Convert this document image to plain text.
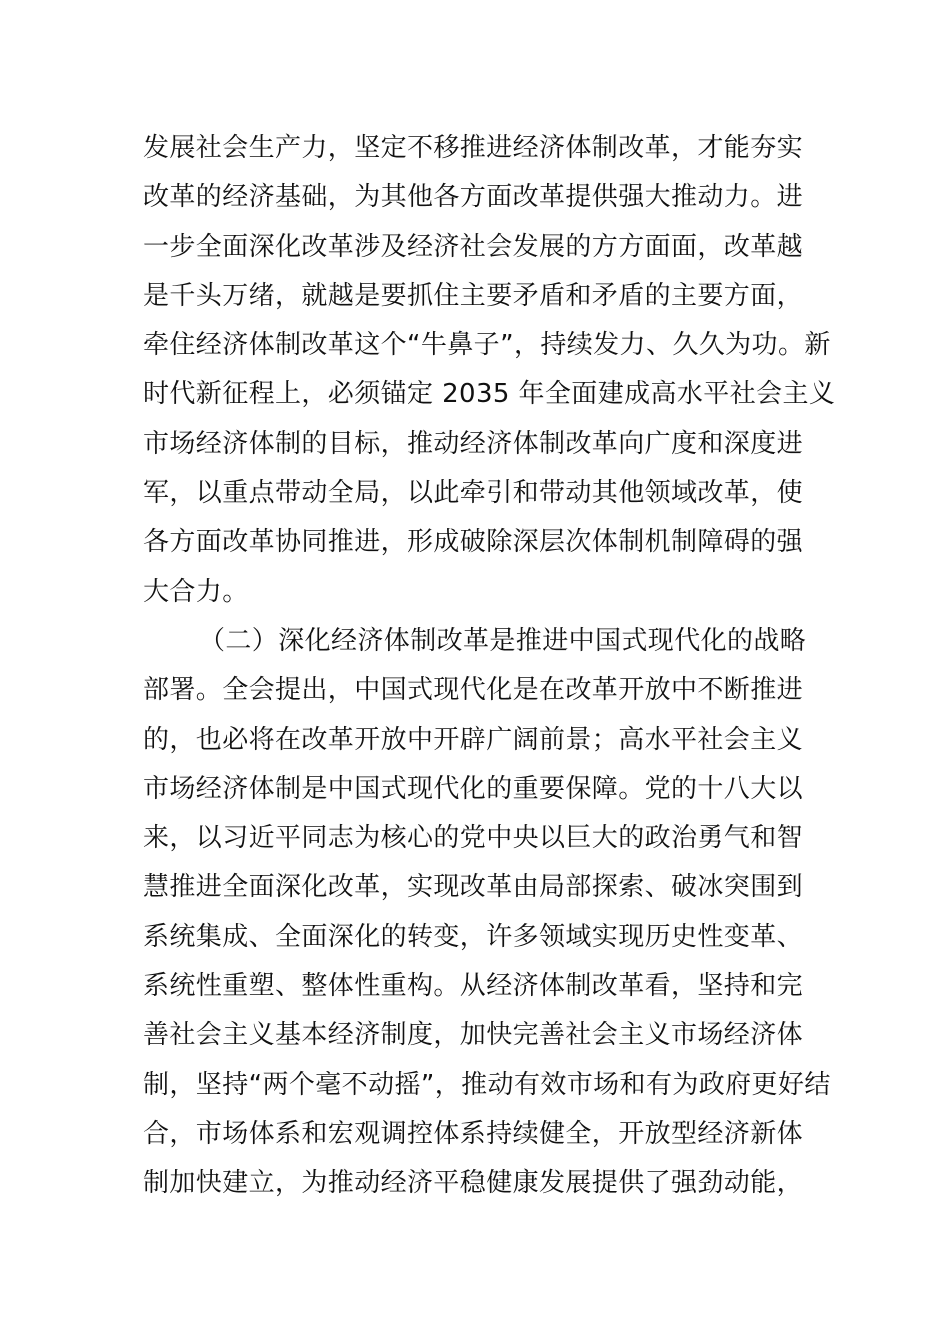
发展社会生产力，坚定不移推进经济体制改革，才能夯实
改革的经济基础，为其他各方面改革提供强大推动力。进
一步全面深化改革涉及经济社会发展的方方面面，改革越
是千头万绪，就越是要抓住主要矛盾和矛盾的主要方面，
牵住经济体制改革这个“牛鼻子”，持续发力、久久为功。新
时代新征程上，必须锚定 2035 年全面建成高水平社会主义
市场经济体制的目标，推动经济体制改革向广度和深度进
军，以重点带动全局，以此牵引和带动其他领域改革，使
各方面改革协同推进，形成破除深层次体制机制障碍的强
大合力。
（二）深化经济体制改革是推进中国式现代化的战略
部署。全会提出，中国式现代化是在改革开放中不断推进
的，也必将在改革开放中开辟广阔前景；高水平社会主义
市场经济体制是中国式现代化的重要保障。党的十八大以
来，以习近平同志为核心的党中央以巨大的政治勇气和智
慧推进全面深化改革，实现改革由局部探索、破冰突围到
系统集成、全面深化的转变，许多领域实现历史性变革、
系统性重塑、整体性重构。从经济体制改革看，坚持和完
善社会主义基本经济制度，加快完善社会主义市场经济体
制，坚持“两个毫不动摇”，推动有效市场和有为政府更好结
合，市场体系和宏观调控体系持续健全，开放型经济新体
制加快建立，为推动经济平稳健康发展提供了强劲动能，
